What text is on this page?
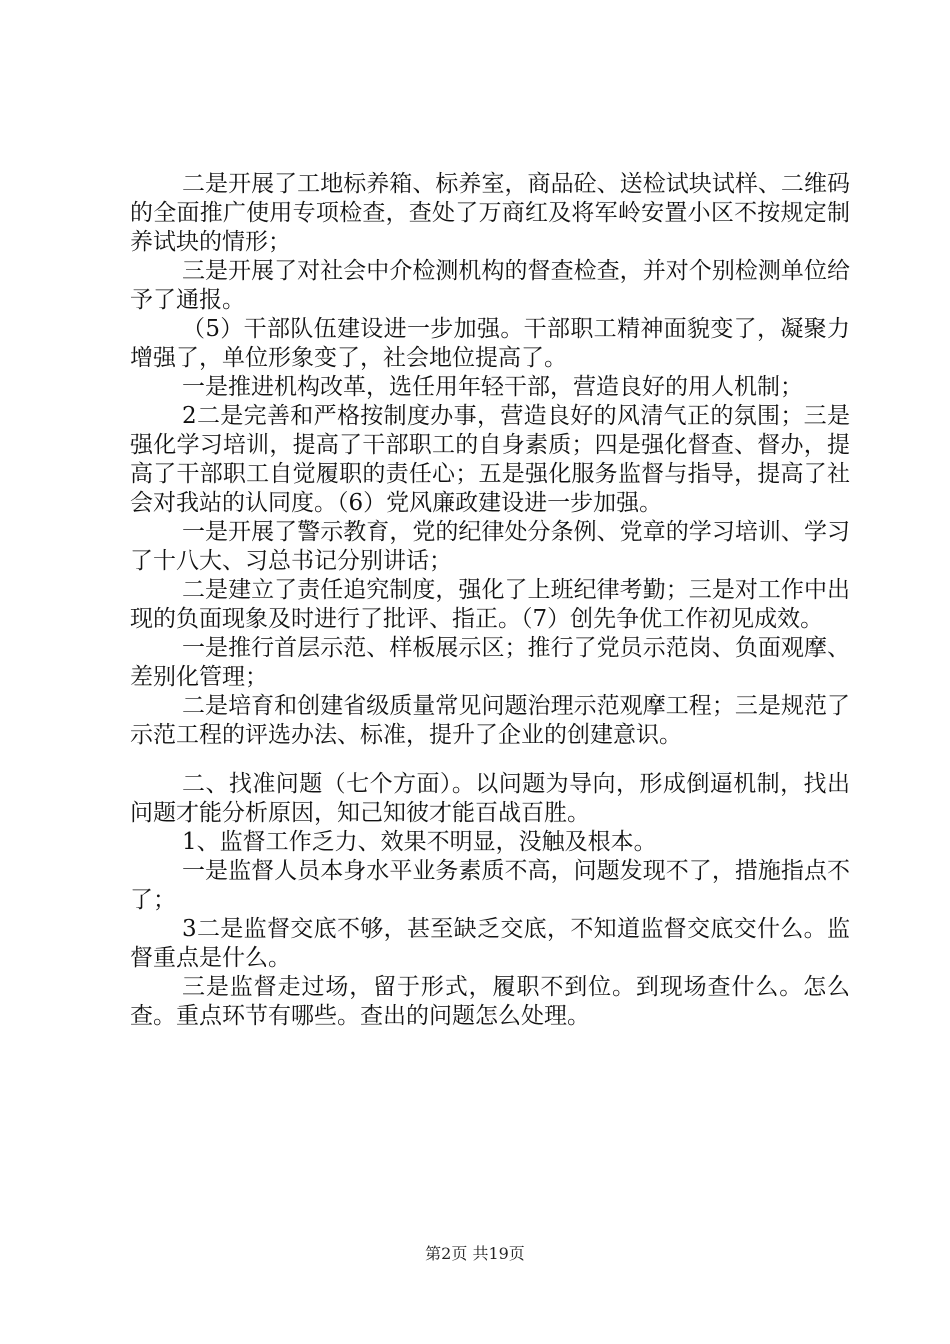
二是开展了工地标养箱、标养室，商品砼、送检试块试样、二维码的全面推广使用专项检查，查处了万商红及将军岭安置小区不按规定制养试块的情形；

三是开展了对社会中介检测机构的督查检查，并对个别检测单位给予了通报。

（5）干部队伍建设进一步加强。干部职工精神面貌变了，凝聚力增强了，单位形象变了，社会地位提高了。

一是推进机构改革，选任用年轻干部，营造良好的用人机制；

2二是完善和严格按制度办事，营造良好的风清气正的氛围；三是强化学习培训，提高了干部职工的自身素质；四是强化督查、督办，提高了干部职工自觉履职的责任心；五是强化服务监督与指导，提高了社会对我站的认同度。（6）党风廉政建设进一步加强。

一是开展了警示教育，党的纪律处分条例、党章的学习培训、学习了十八大、习总书记分别讲话；

二是建立了责任追究制度，强化了上班纪律考勤；三是对工作中出现的负面现象及时进行了批评、指正。（7）创先争优工作初见成效。

一是推行首层示范、样板展示区；推行了党员示范岗、负面观摩、差别化管理；

二是培育和创建省级质量常见问题治理示范观摩工程；三是规范了示范工程的评选办法、标准，提升了企业的创建意识。

二、找准问题（七个方面）。以问题为导向，形成倒逼机制，找出问题才能分析原因，知己知彼才能百战百胜。

1、监督工作乏力、效果不明显，没触及根本。

一是监督人员本身水平业务素质不高，问题发现不了，措施指点不了；

3二是监督交底不够，甚至缺乏交底，不知道监督交底交什么。监督重点是什么。

三是监督走过场，留于形式，履职不到位。到现场查什么。怎么查。重点环节有哪些。查出的问题怎么处理。

第2页 共19页
